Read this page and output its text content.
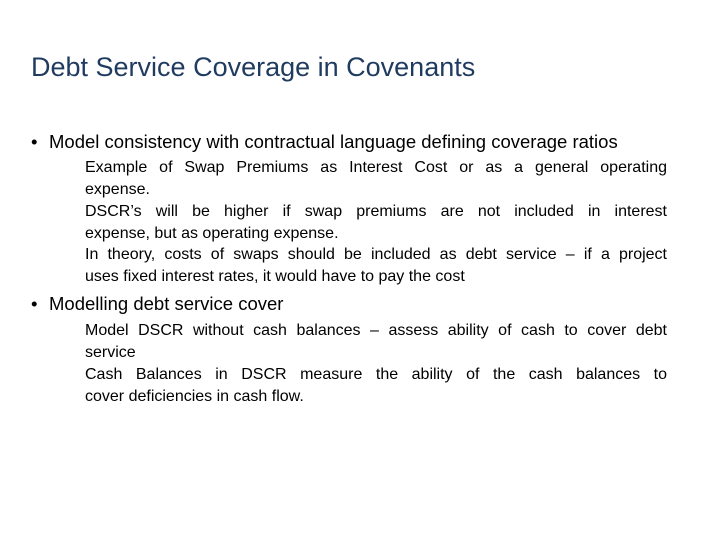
Debt Service Coverage in Covenants
• Model consistency with contractual language defining coverage ratios
Example of Swap Premiums as Interest Cost or as a general operating
expense.
DSCR’s will be higher if swap premiums are not included in interest
expense, but as operating expense.
In theory, costs of swaps should be included as debt service – if a project
uses fixed interest rates, it would have to pay the cost
• Modelling debt service cover
Model DSCR without cash balances – assess ability of cash to cover debt
service
Cash Balances in DSCR measure the ability of the cash balances to
cover deficiencies in cash flow.
